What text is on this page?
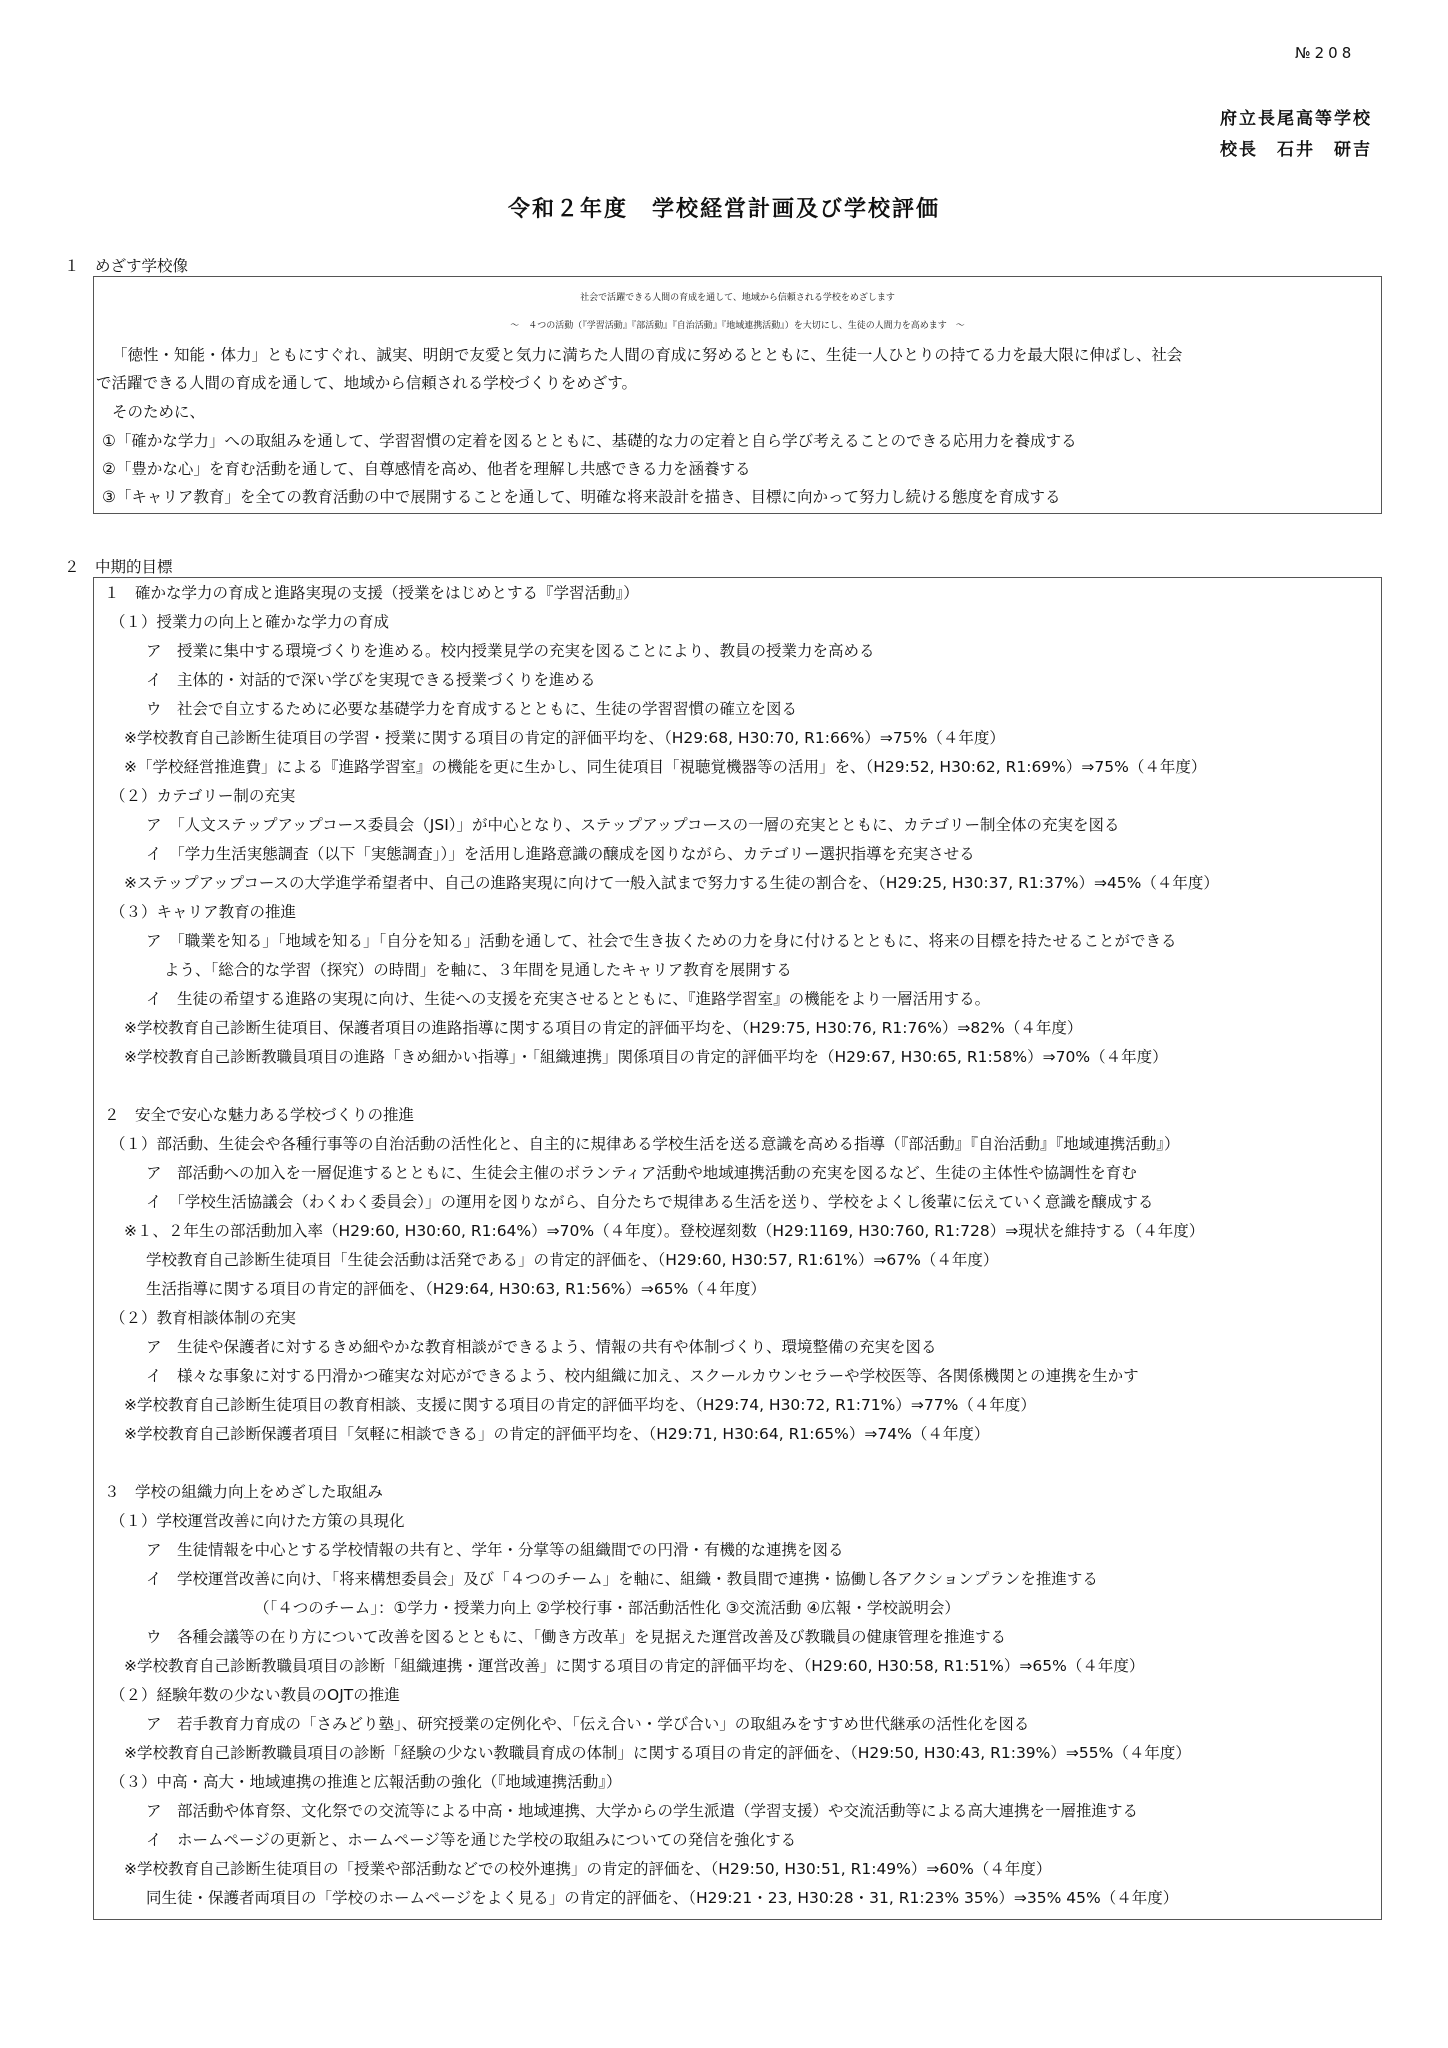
№208
府立長尾高等学校
校長　石井　研吉
令和２年度　学校経営計画及び学校評価
１　めざす学校像
社会で活躍できる人間の育成を通して、地域から信頼される学校をめざします
～　４つの活動（『学習活動』『部活動』『自治活動』『地域連携活動』）を大切にし、生徒の人間力を高めます　～
「徳性・知能・体力」ともにすぐれ、誠実、明朗で友愛と気力に満ちた人間の育成に努めるとともに、生徒一人ひとりの持てる力を最大限に伸ばし、社会
で活躍できる人間の育成を通して、地域から信頼される学校づくりをめざす。
そのために、
①「確かな学力」への取組みを通して、学習習慣の定着を図るとともに、基礎的な力の定着と自ら学び考えることのできる応用力を養成する
②「豊かな心」を育む活動を通して、自尊感情を高め、他者を理解し共感できる力を涵養する
③「キャリア教育」を全ての教育活動の中で展開することを通して、明確な将来設計を描き、目標に向かって努力し続ける態度を育成する
２　中期的目標
１　確かな学力の育成と進路実現の支援（授業をはじめとする『学習活動』）
（１）授業力の向上と確かな学力の育成
ア　授業に集中する環境づくりを進める。校内授業見学の充実を図ることにより、教員の授業力を高める
イ　主体的・対話的で深い学びを実現できる授業づくりを進める
ウ　社会で自立するために必要な基礎学力を育成するとともに、生徒の学習習慣の確立を図る
※学校教育自己診断生徒項目の学習・授業に関する項目の肯定的評価平均を、（H29:68, H30:70, R1:66%）⇒75%（４年度）
※「学校経営推進費」による『進路学習室』の機能を更に生かし、同生徒項目「視聴覚機器等の活用」を、（H29:52, H30:62, R1:69%）⇒75%（４年度）
（２）カテゴリー制の充実
ア　「人文ステップアップコース委員会（JSI）」が中心となり、ステップアップコースの一層の充実とともに、カテゴリー制全体の充実を図る
イ　「学力生活実態調査（以下「実態調査」）」を活用し進路意識の醸成を図りながら、カテゴリー選択指導を充実させる
※ステップアップコースの大学進学希望者中、自己の進路実現に向けて一般入試まで努力する生徒の割合を、（H29:25, H30:37, R1:37%）⇒45%（４年度）
（３）キャリア教育の推進
ア　「職業を知る」「地域を知る」「自分を知る」活動を通して、社会で生き抜くための力を身に付けるとともに、将来の目標を持たせることができる
よう、「総合的な学習（探究）の時間」を軸に、３年間を見通したキャリア教育を展開する
イ　生徒の希望する進路の実現に向け、生徒への支援を充実させるとともに、『進路学習室』の機能をより一層活用する。
※学校教育自己診断生徒項目、保護者項目の進路指導に関する項目の肯定的評価平均を、（H29:75, H30:76, R1:76%）⇒82%（４年度）
※学校教育自己診断教職員項目の進路「きめ細かい指導」・「組織連携」関係項目の肯定的評価平均を（H29:67, H30:65, R1:58%）⇒70%（４年度）
２　安全で安心な魅力ある学校づくりの推進
（１）部活動、生徒会や各種行事等の自治活動の活性化と、自主的に規律ある学校生活を送る意識を高める指導（『部活動』『自治活動』『地域連携活動』）
ア　部活動への加入を一層促進するとともに、生徒会主催のボランティア活動や地域連携活動の充実を図るなど、生徒の主体性や協調性を育む
イ　「学校生活協議会（わくわく委員会）」の運用を図りながら、自分たちで規律ある生活を送り、学校をよくし後輩に伝えていく意識を醸成する
※１、２年生の部活動加入率（H29:60, H30:60, R1:64%）⇒70%（４年度）。登校遅刻数（H29:1169, H30:760, R1:728）⇒現状を維持する（４年度）
学校教育自己診断生徒項目「生徒会活動は活発である」の肯定的評価を、（H29:60, H30:57, R1:61%）⇒67%（４年度）
生活指導に関する項目の肯定的評価を、（H29:64, H30:63, R1:56%）⇒65%（４年度）
（２）教育相談体制の充実
ア　生徒や保護者に対するきめ細やかな教育相談ができるよう、情報の共有や体制づくり、環境整備の充実を図る
イ　様々な事象に対する円滑かつ確実な対応ができるよう、校内組織に加え、スクールカウンセラーや学校医等、各関係機関との連携を生かす
※学校教育自己診断生徒項目の教育相談、支援に関する項目の肯定的評価平均を、（H29:74, H30:72, R1:71%）⇒77%（４年度）
※学校教育自己診断保護者項目「気軽に相談できる」の肯定的評価平均を、（H29:71, H30:64, R1:65%）⇒74%（４年度）
３　学校の組織力向上をめざした取組み
（１）学校運営改善に向けた方策の具現化
ア　生徒情報を中心とする学校情報の共有と、学年・分掌等の組織間での円滑・有機的な連携を図る
イ　学校運営改善に向け、「将来構想委員会」及び「４つのチーム」を軸に、組織・教員間で連携・協働し各アクションプランを推進する
（「４つのチーム」：①学力・授業力向上 ②学校行事・部活動活性化 ③交流活動 ④広報・学校説明会）
ウ　各種会議等の在り方について改善を図るとともに、「働き方改革」を見据えた運営改善及び教職員の健康管理を推進する
※学校教育自己診断教職員項目の診断「組織連携・運営改善」に関する項目の肯定的評価平均を、（H29:60, H30:58, R1:51%）⇒65%（４年度）
（２）経験年数の少ない教員のOJTの推進
ア　若手教育力育成の「さみどり塾」、研究授業の定例化や、「伝え合い・学び合い」の取組みをすすめ世代継承の活性化を図る
※学校教育自己診断教職員項目の診断「経験の少ない教職員育成の体制」に関する項目の肯定的評価を、（H29:50, H30:43, R1:39%）⇒55%（４年度）
（３）中高・高大・地域連携の推進と広報活動の強化（『地域連携活動』）
ア　部活動や体育祭、文化祭での交流等による中高・地域連携、大学からの学生派遣（学習支援）や交流活動等による高大連携を一層推進する
イ　ホームページの更新と、ホームページ等を通じた学校の取組みについての発信を強化する
※学校教育自己診断生徒項目の「授業や部活動などでの校外連携」の肯定的評価を、（H29:50, H30:51, R1:49%）⇒60%（４年度）
同生徒・保護者両項目の「学校のホームページをよく見る」の肯定的評価を、（H29:21・23, H30:28・31, R1:23% 35%）⇒35% 45%（４年度）
